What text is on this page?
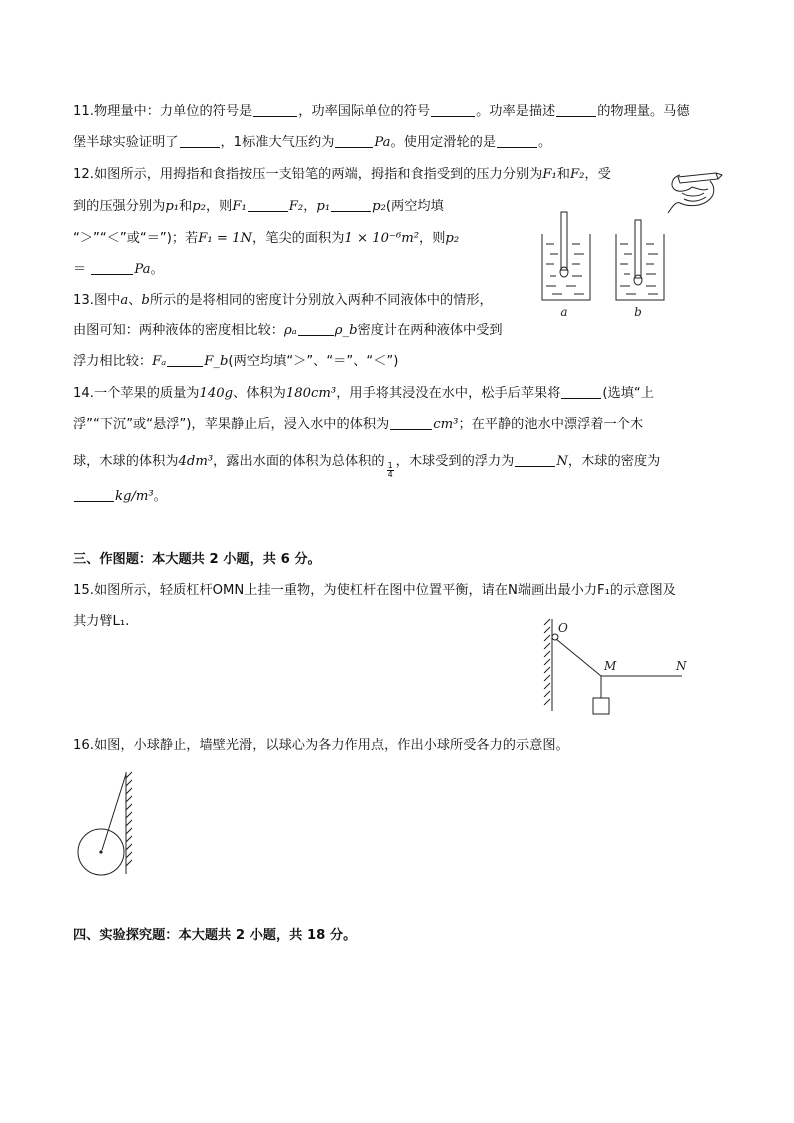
11.物理量中：力单位的符号是	，功率国际单位的符号	。功率是描述	的物理量。马德
堡半球实验证明了	，1标准大气压约为	Pa。使用定滑轮的是	。
12.如图所示，用拇指和食指按压一支铅笔的两端，拇指和食指受到的压力分别为F₁和F₂，受
到的压强分别为p₁和p₂，则F₁	F₂，p₁	p₂(两空均填
“＞”“＜”或“＝”)；若F₁ = 1N，笔尖的面积为1 × 10⁻⁶m²，则p₂
＝	Pa。
13.图中a、b所示的是将相同的密度计分别放入两种不同液体中的情形，
由图可知：两种液体的密度相比较：ρₐ	ρ_b密度计在两种液体中受到
浮力相比较：Fₐ	F_b(两空均填“＞”、“＝”、“＜”)
14.一个苹果的质量为140g、体积为180cm³，用手将其浸没在水中，松手后苹果将	(选填“上
浮”“下沉”或“悬浮”)，苹果静止后，浸入水中的体积为	cm³；在平静的池水中漂浮着一个木
球，木球的体积为4dm³，露出水面的体积为总体积的
$\frac{1}{4}$
，木球受到的浮力为	N，木球的密度为
kg/m³。
三、作图题：本大题共 2 小题，共 6 分。
15.如图所示，轻质杠杆OMN上挂一重物，为使杠杆在图中位置平衡，请在N端画出最小力F₁的示意图及
其力臂L₁.
16.如图，小球静止，墙壁光滑，以球心为各力作用点，作出小球所受各力的示意图。
四、实验探究题：本大题共 2 小题，共 18 分。
a	b
O
M	N
